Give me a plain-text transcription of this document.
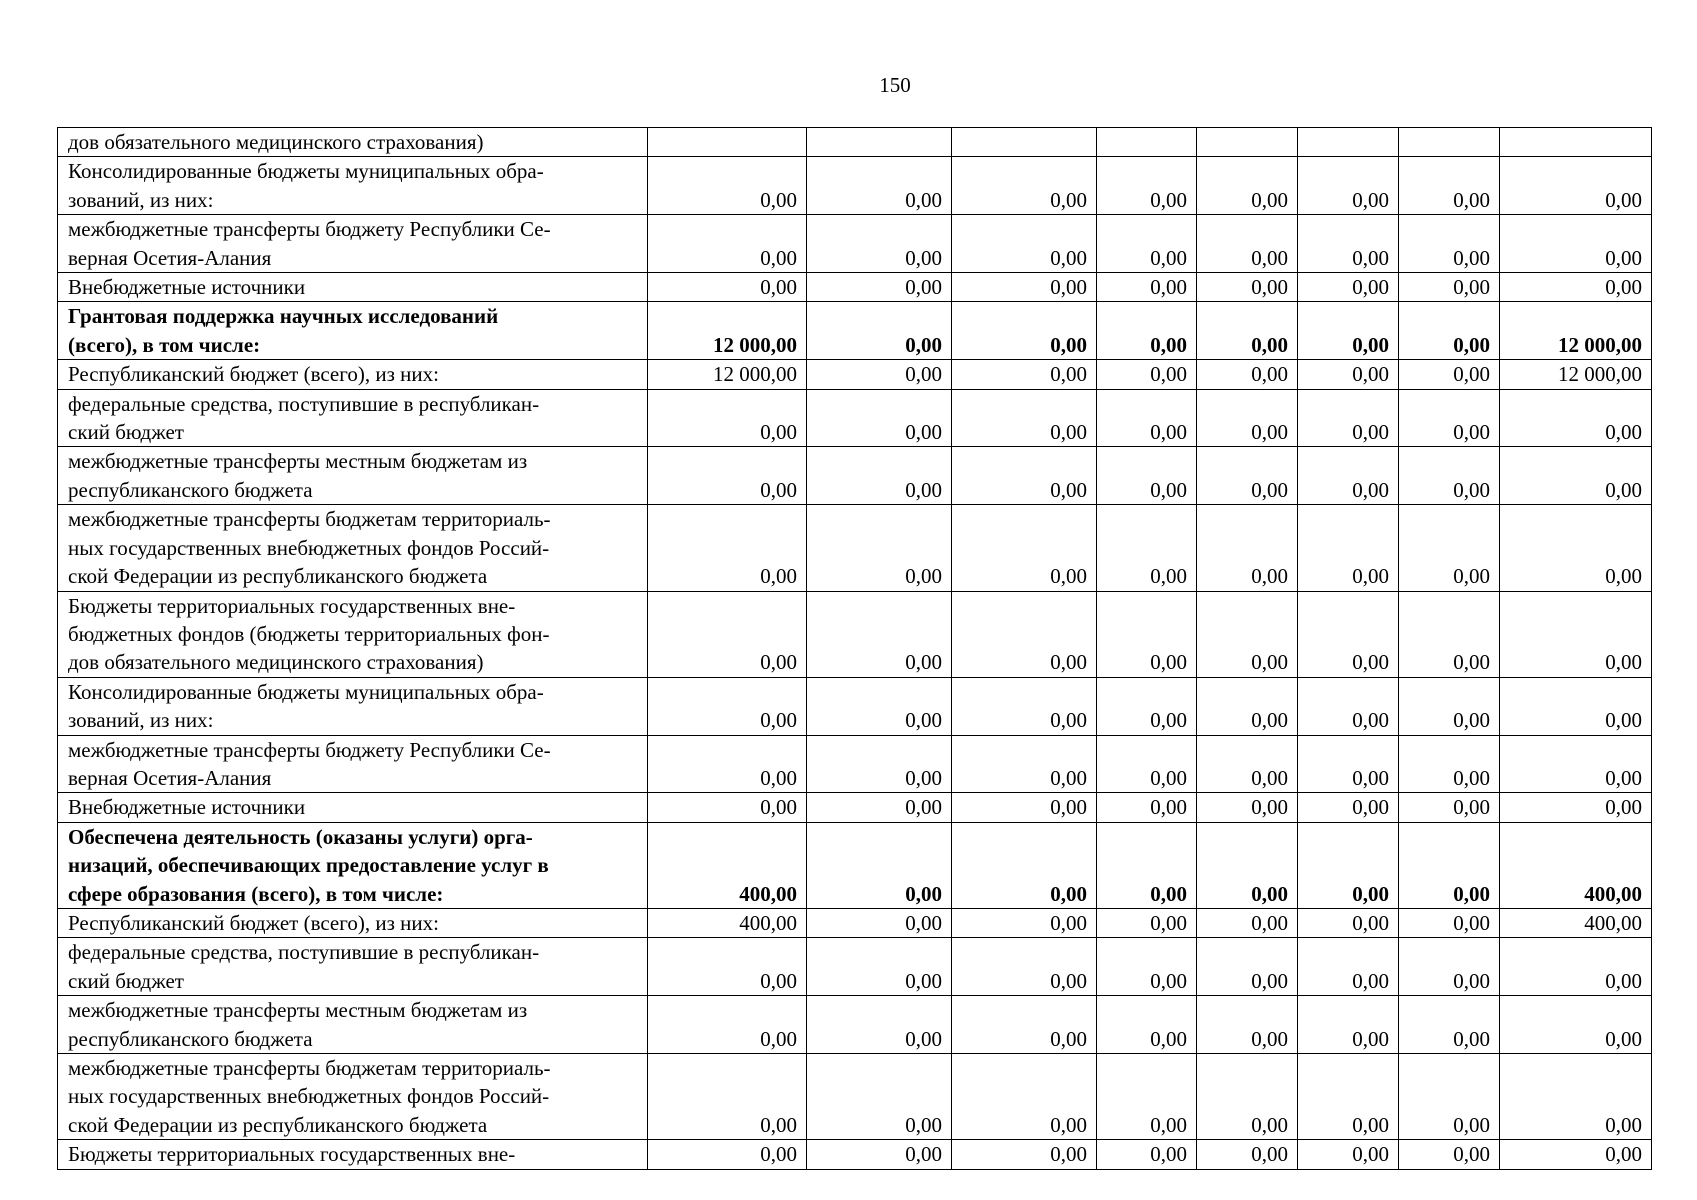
150
дов обязательного медицинского страхования)								
Консолидированные бюджеты муниципальных обра-
зований, из них:	0,00	0,00	0,00	0,00	0,00	0,00	0,00	0,00
межбюджетные трансферты бюджету Республики Се-
верная Осетия-Алания	0,00	0,00	0,00	0,00	0,00	0,00	0,00	0,00
Внебюджетные источники	0,00	0,00	0,00	0,00	0,00	0,00	0,00	0,00
Грантовая поддержка научных исследований
(всего), в том числе:	12 000,00	0,00	0,00	0,00	0,00	0,00	0,00	12 000,00
Республиканский бюджет (всего), из них:	12 000,00	0,00	0,00	0,00	0,00	0,00	0,00	12 000,00
федеральные средства, поступившие в республикан-
ский бюджет	0,00	0,00	0,00	0,00	0,00	0,00	0,00	0,00
межбюджетные трансферты местным бюджетам из
республиканского бюджета	0,00	0,00	0,00	0,00	0,00	0,00	0,00	0,00
межбюджетные трансферты бюджетам территориаль-
ных государственных внебюджетных фондов Россий-
ской Федерации из республиканского бюджета	0,00	0,00	0,00	0,00	0,00	0,00	0,00	0,00
Бюджеты территориальных государственных вне-
бюджетных фондов (бюджеты территориальных фон-
дов обязательного медицинского страхования)	0,00	0,00	0,00	0,00	0,00	0,00	0,00	0,00
Консолидированные бюджеты муниципальных обра-
зований, из них:	0,00	0,00	0,00	0,00	0,00	0,00	0,00	0,00
межбюджетные трансферты бюджету Республики Се-
верная Осетия-Алания	0,00	0,00	0,00	0,00	0,00	0,00	0,00	0,00
Внебюджетные источники	0,00	0,00	0,00	0,00	0,00	0,00	0,00	0,00
Обеспечена деятельность (оказаны услуги) орга-
низаций, обеспечивающих предоставление услуг в
сфере образования (всего), в том числе:	400,00	0,00	0,00	0,00	0,00	0,00	0,00	400,00
Республиканский бюджет (всего), из них:	400,00	0,00	0,00	0,00	0,00	0,00	0,00	400,00
федеральные средства, поступившие в республикан-
ский бюджет	0,00	0,00	0,00	0,00	0,00	0,00	0,00	0,00
межбюджетные трансферты местным бюджетам из
республиканского бюджета	0,00	0,00	0,00	0,00	0,00	0,00	0,00	0,00
межбюджетные трансферты бюджетам территориаль-
ных государственных внебюджетных фондов Россий-
ской Федерации из республиканского бюджета	0,00	0,00	0,00	0,00	0,00	0,00	0,00	0,00
Бюджеты территориальных государственных вне-	0,00	0,00	0,00	0,00	0,00	0,00	0,00	0,00
